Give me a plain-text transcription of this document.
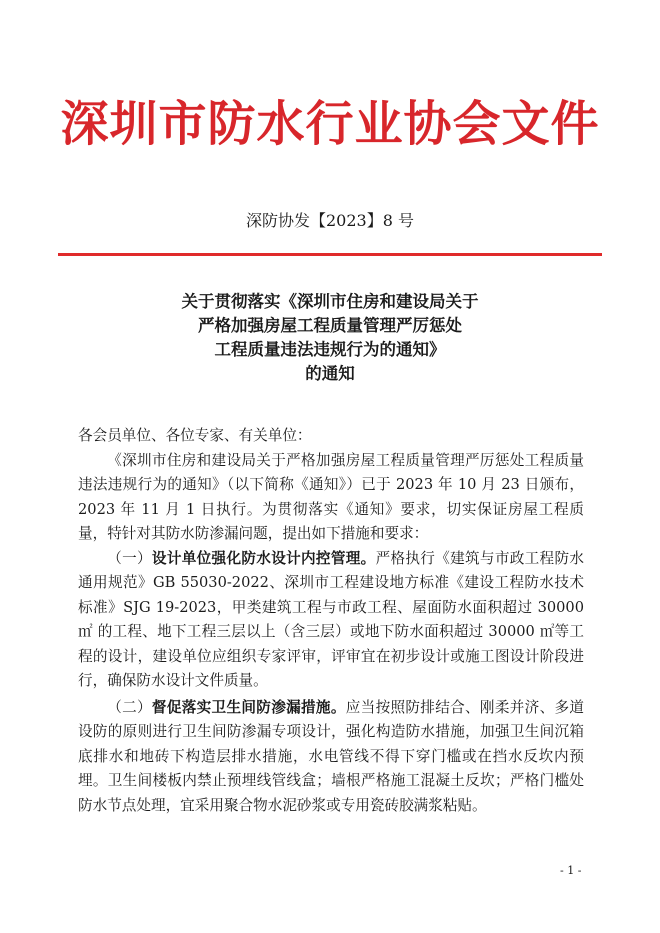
深圳市防水行业协会文件
深防协发【2023】8 号
关于贯彻落实《深圳市住房和建设局关于
严格加强房屋工程质量管理严厉惩处
工程质量违法违规行为的通知》
的通知

各会员单位、各位专家、有关单位：

《深圳市住房和建设局关于严格加强房屋工程质量管理严厉惩处工程质量违法违规行为的通知》（以下简称《通知》）已于 2023 年 10 月 23 日颁布，2023 年 11 月 1 日执行。为贯彻落实《通知》要求，切实保证房屋工程质量，特针对其防水防渗漏问题，提出如下措施和要求：

（一）设计单位强化防水设计内控管理。严格执行《建筑与市政工程防水通用规范》GB 55030-2022、深圳市工程建设地方标准《建设工程防水技术标准》SJG 19-2023，甲类建筑工程与市政工程、屋面防水面积超过 30000 ㎡ 的工程、地下工程三层以上（含三层）或地下防水面积超过 30000 ㎡等工程的设计，建设单位应组织专家评审，评审宜在初步设计或施工图设计阶段进行，确保防水设计文件质量。

（二）督促落实卫生间防渗漏措施。应当按照防排结合、刚柔并济、多道设防的原则进行卫生间防渗漏专项设计，强化构造防水措施，加强卫生间沉箱底排水和地砖下构造层排水措施，水电管线不得下穿门槛或在挡水反坎内预埋。卫生间楼板内禁止预埋线管线盒；墙根严格施工混凝土反坎；严格门槛处防水节点处理，宜采用聚合物水泥砂浆或专用瓷砖胶满浆粘贴。

- 1 -
